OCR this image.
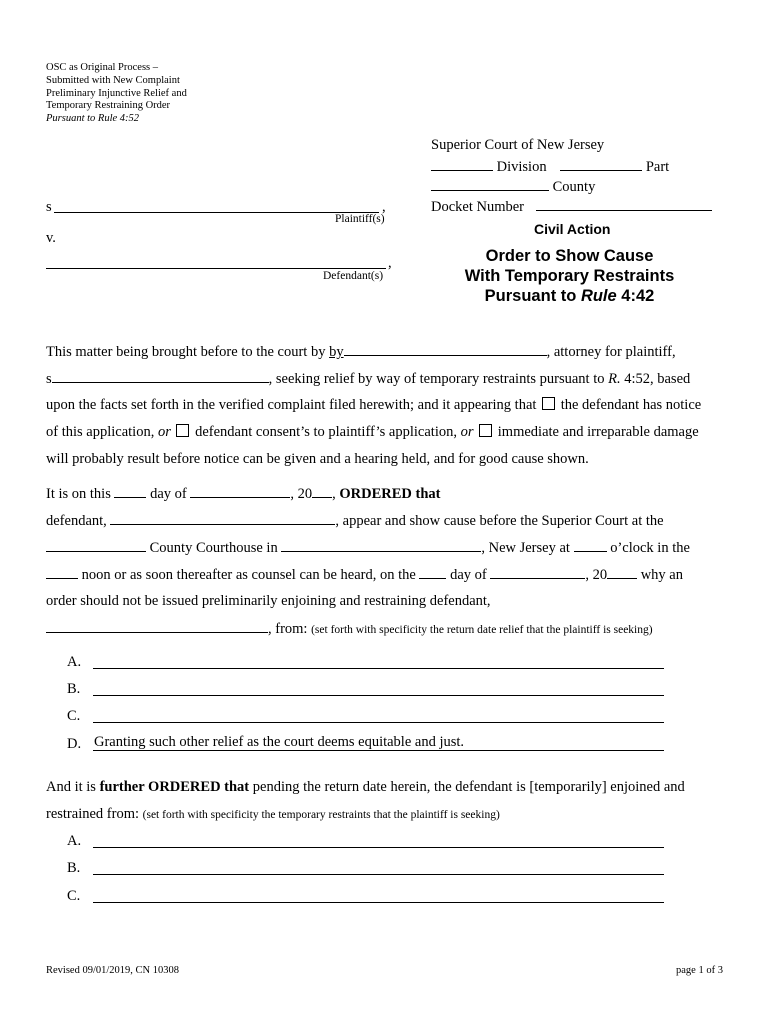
OSC as Original Process –
Submitted with New Complaint
Preliminary Injunctive Relief and
Temporary Restraining Order
Pursuant to Rule 4:52
Superior Court of New Jersey
Division	Part
County
Docket Number
Civil Action
s	,
Plaintiff(s)
v.
,
Defendant(s)
Order to Show Cause
With Temporary Restraints
Pursuant to Rule 4:42
This matter being brought before to the court by by	, attorney for plaintiff,
s	, seeking relief by way of temporary restraints pursuant to R. 4:52, based
upon the facts set forth in the verified complaint filed herewith; and it appearing that  the defendant has notice
of this application, or  defendant consent’s to plaintiff’s application, or  immediate and irreparable damage
will probably result before notice can be given and a hearing held, and for good cause shown.
It is on this  day of	, 20 , ORDERED that
defendant,	, appear and show cause before the Superior Court at the
County Courthouse in	, New Jersey at  o’clock in the
noon or as soon thereafter as counsel can be heard, on the  day of	, 20 why an
order should not be issued preliminarily enjoining and restraining defendant,
, from: (set forth with specificity the return date relief that the plaintiff is seeking)
A.
B.
C.
D. Granting such other relief as the court deems equitable and just.
And it is further ORDERED that pending the return date herein, the defendant is [temporarily] enjoined and
restrained from: (set forth with specificity the temporary restraints that the plaintiff is seeking)
A.
B.
C.
Revised 09/01/2019, CN 10308	page 1 of 3
